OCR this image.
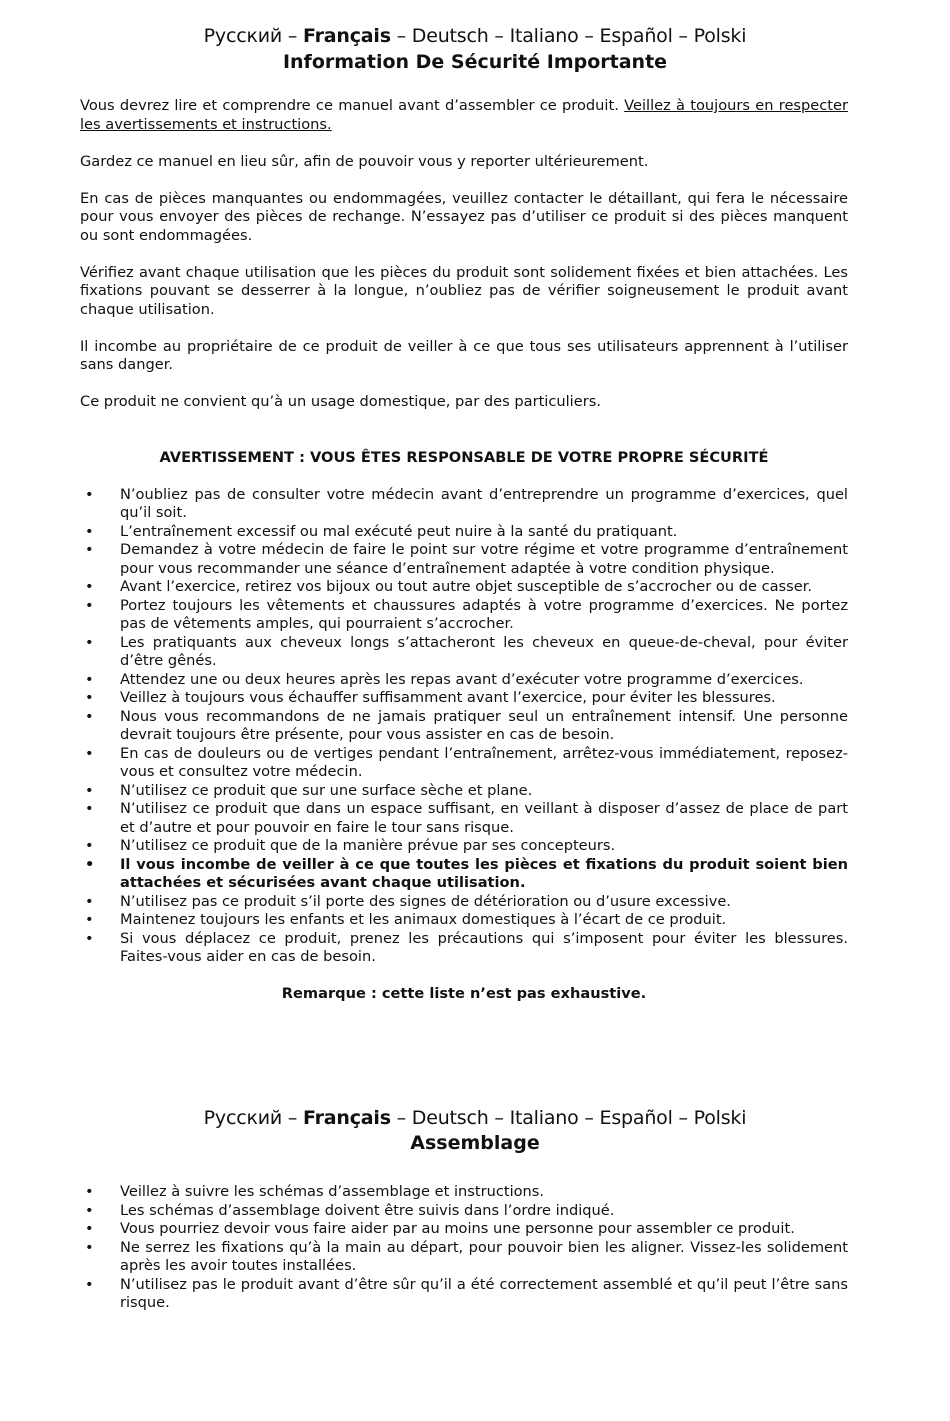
Русский – Français – Deutsch – Italiano – Español – Polski
Information De Sécurité Importante

Vous devrez lire et comprendre ce manuel avant d’assembler ce produit. Veillez à toujours en respecter les avertissements et instructions.

Gardez ce manuel en lieu sûr, afin de pouvoir vous y reporter ultérieurement.

En cas de pièces manquantes ou endommagées, veuillez contacter le détaillant, qui fera le nécessaire pour vous envoyer des pièces de rechange. N’essayez pas d’utiliser ce produit si des pièces manquent ou sont endommagées.

Vérifiez avant chaque utilisation que les pièces du produit sont solidement fixées et bien attachées. Les fixations pouvant se desserrer à la longue, n’oubliez pas de vérifier soigneusement le produit avant chaque utilisation.

Il incombe au propriétaire de ce produit de veiller à ce que tous ses utilisateurs apprennent à l’utiliser sans danger.

Ce produit ne convient qu’à un usage domestique, par des particuliers.

AVERTISSEMENT : VOUS ÊTES RESPONSABLE DE VOTRE PROPRE SÉCURITÉ
• N’oubliez pas de consulter votre médecin avant d’entreprendre un programme d’exercices, quel qu’il soit.
• L’entraînement excessif ou mal exécuté peut nuire à la santé du pratiquant.
• Demandez à votre médecin de faire le point sur votre régime et votre programme d’entraînement pour vous recommander une séance d’entraînement adaptée à votre condition physique.
• Avant l’exercice, retirez vos bijoux ou tout autre objet susceptible de s’accrocher ou de casser.
• Portez toujours les vêtements et chaussures adaptés à votre programme d’exercices. Ne portez pas de vêtements amples, qui pourraient s’accrocher.
• Les pratiquants aux cheveux longs s’attacheront les cheveux en queue-de-cheval, pour éviter d’être gênés.
• Attendez une ou deux heures après les repas avant d’exécuter votre programme d’exercices.
• Veillez à toujours vous échauffer suffisamment avant l’exercice, pour éviter les blessures.
• Nous vous recommandons de ne jamais pratiquer seul un entraînement intensif. Une personne devrait toujours être présente, pour vous assister en cas de besoin.
• En cas de douleurs ou de vertiges pendant l’entraînement, arrêtez-vous immédiatement, reposez-vous et consultez votre médecin.
• N’utilisez ce produit que sur une surface sèche et plane.
• N’utilisez ce produit que dans un espace suffisant, en veillant à disposer d’assez de place de part et d’autre et pour pouvoir en faire le tour sans risque.
• N’utilisez ce produit que de la manière prévue par ses concepteurs.
• Il vous incombe de veiller à ce que toutes les pièces et fixations du produit soient bien attachées et sécurisées avant chaque utilisation.
• N’utilisez pas ce produit s’il porte des signes de détérioration ou d’usure excessive.
• Maintenez toujours les enfants et les animaux domestiques à l’écart de ce produit.
• Si vous déplacez ce produit, prenez les précautions qui s’imposent pour éviter les blessures. Faites-vous aider en cas de besoin.
Remarque : cette liste n’est pas exhaustive.
Русский – Français – Deutsch – Italiano – Español – Polski
Assemblage
• Veillez à suivre les schémas d’assemblage et instructions.
• Les schémas d’assemblage doivent être suivis dans l’ordre indiqué.
• Vous pourriez devoir vous faire aider par au moins une personne pour assembler ce produit.
• Ne serrez les fixations qu’à la main au départ, pour pouvoir bien les aligner. Vissez-les solidement après les avoir toutes installées.
• N’utilisez pas le produit avant d’être sûr qu’il a été correctement assemblé et qu’il peut l’être sans risque.
